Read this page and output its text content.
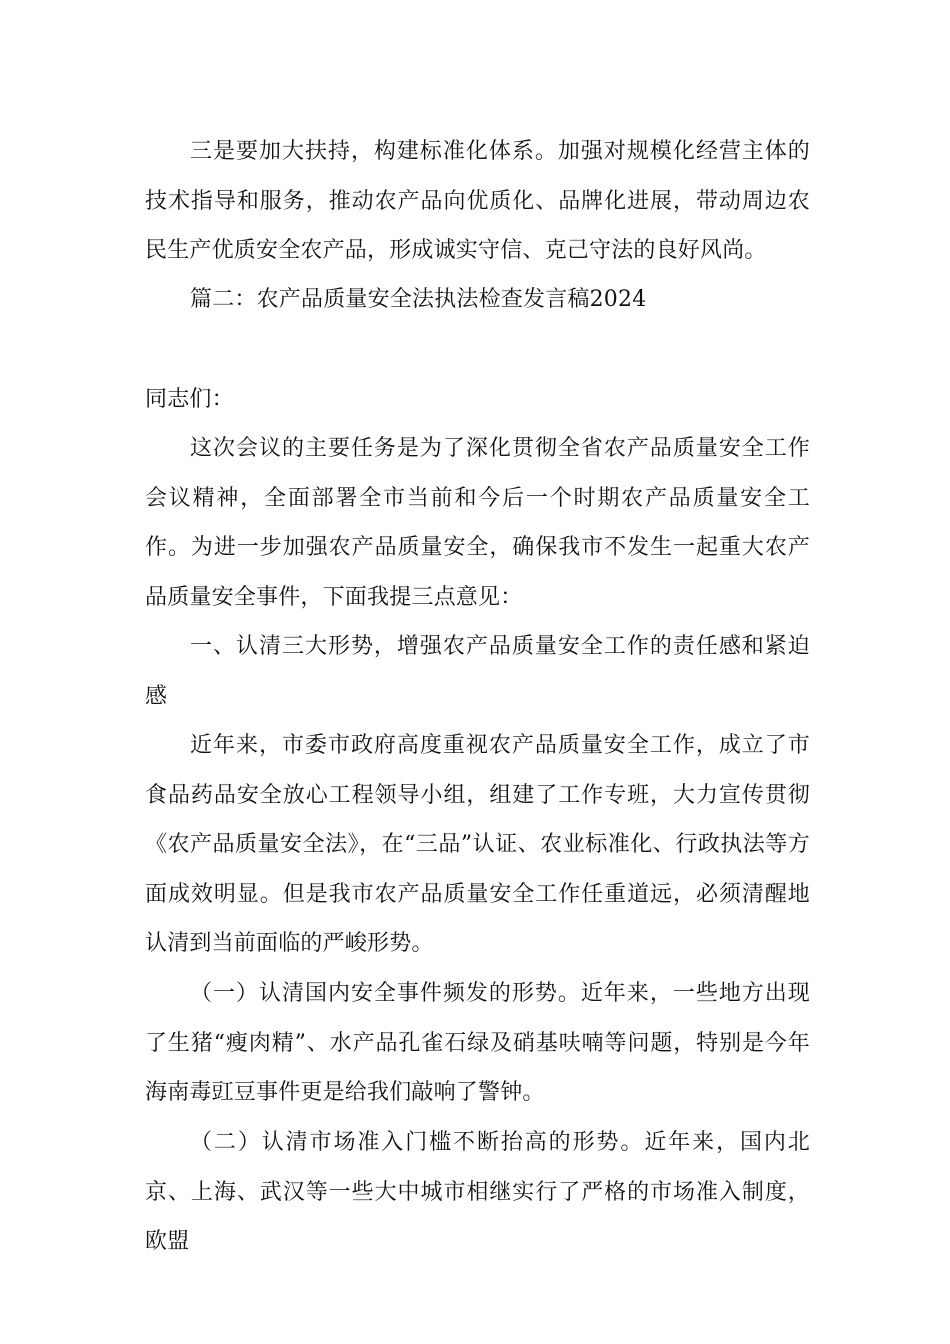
三是要加大扶持，构建标准化体系。加强对规模化经营主体的技术指导和服务，推动农产品向优质化、品牌化进展，带动周边农民生产优质安全农产品，形成诚实守信、克己守法的良好风尚。

篇二：农产品质量安全法执法检查发言稿2024

同志们：

这次会议的主要任务是为了深化贯彻全省农产品质量安全工作会议精神，全面部署全市当前和今后一个时期农产品质量安全工作。为进一步加强农产品质量安全，确保我市不发生一起重大农产品质量安全事件，下面我提三点意见：

一、认清三大形势，增强农产品质量安全工作的责任感和紧迫感

近年来，市委市政府高度重视农产品质量安全工作，成立了市食品药品安全放心工程领导小组，组建了工作专班，大力宣传贯彻《农产品质量安全法》，在“三品”认证、农业标准化、行政执法等方面成效明显。但是我市农产品质量安全工作任重道远，必须清醒地认清到当前面临的严峻形势。

（一）认清国内安全事件频发的形势。近年来，一些地方出现了生猪“瘦肉精”、水产品孔雀石绿及硝基呋喃等问题，特别是今年海南毒豇豆事件更是给我们敲响了警钟。

（二）认清市场准入门槛不断抬高的形势。近年来，国内北京、上海、武汉等一些大中城市相继实行了严格的市场准入制度，欧盟
